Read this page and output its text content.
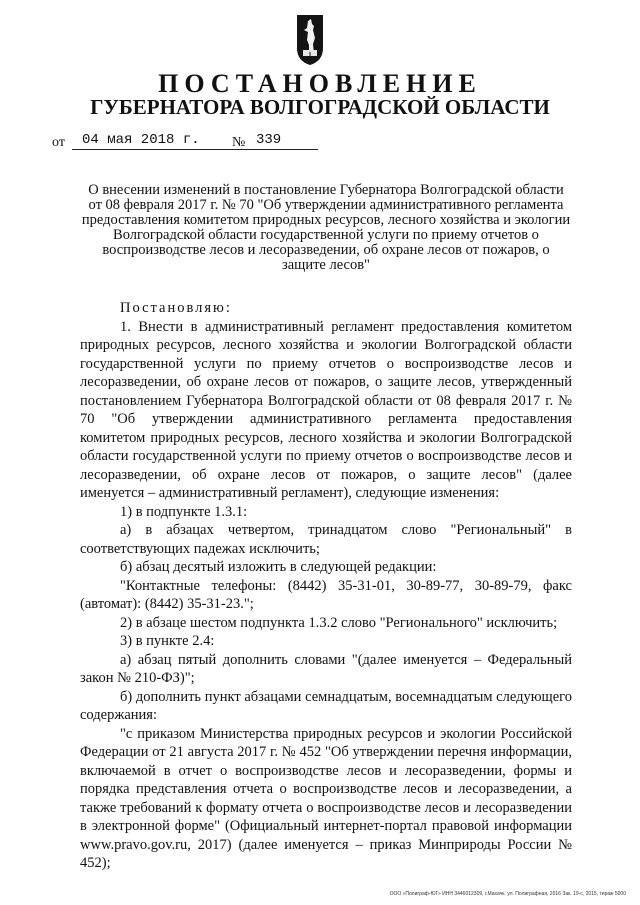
ПОСТАНОВЛЕНИЕ
ГУБЕРНАТОРА ВОЛГОГРАДСКОЙ ОБЛАСТИ
от 04 мая 2018 г. № 339

О внесении изменений в постановление Губернатора Волгоградской области от 08 февраля 2017 г. № 70 "Об утверждении административного регламента предоставления комитетом природных ресурсов, лесного хозяйства и экологии Волгоградской области государственной услуги по приему отчетов о воспроизводстве лесов и лесоразведении, об охране лесов от пожаров, о защите лесов"

Постановляю:

1. Внести в административный регламент предоставления комитетом природных ресурсов, лесного хозяйства и экологии Волгоградской области государственной услуги по приему отчетов о воспроизводстве лесов и лесоразведении, об охране лесов от пожаров, о защите лесов, утвержденный постановлением Губернатора Волгоградской области от 08 февраля 2017 г. № 70 "Об утверждении административного регламента предоставления комитетом природных ресурсов, лесного хозяйства и экологии Волгоградской области государственной услуги по приему отчетов о воспроизводстве лесов и лесоразведении, об охране лесов от пожаров, о защите лесов" (далее именуется – административный регламент), следующие изменения:

1) в подпункте 1.3.1:

а) в абзацах четвертом, тринадцатом слово "Региональный" в соответствующих падежах исключить;

б) абзац десятый изложить в следующей редакции:

"Контактные телефоны: (8442) 35-31-01, 30-89-77, 30-89-79, факс (автомат): (8442) 35-31-23.";

2) в абзаце шестом подпункта 1.3.2 слово "Регионального" исключить;

3) в пункте 2.4:

а) абзац пятый дополнить словами "(далее именуется – Федеральный закон № 210-ФЗ)";

б) дополнить пункт абзацами семнадцатым, восемнадцатым следующего содержания:

"с приказом Министерства природных ресурсов и экологии Российской Федерации от 21 августа 2017 г. № 452 "Об утверждении перечня информации, включаемой в отчет о воспроизводстве лесов и лесоразведении, формы и порядка представления отчета о воспроизводстве лесов и лесоразведении, а также требований к формату отчета о воспроизводстве лесов и лесоразведении в электронной форме" (Официальный интернет-портал правовой информации www.pravo.gov.ru, 2017) (далее именуется – приказ Минприроды России № 452);

ООО «Полиграф-ЮГ» ИНН 3446012309, г.Махачк. ул. Полиграфная, 2016 Зак. 19-с, 2015, тираж 5000
